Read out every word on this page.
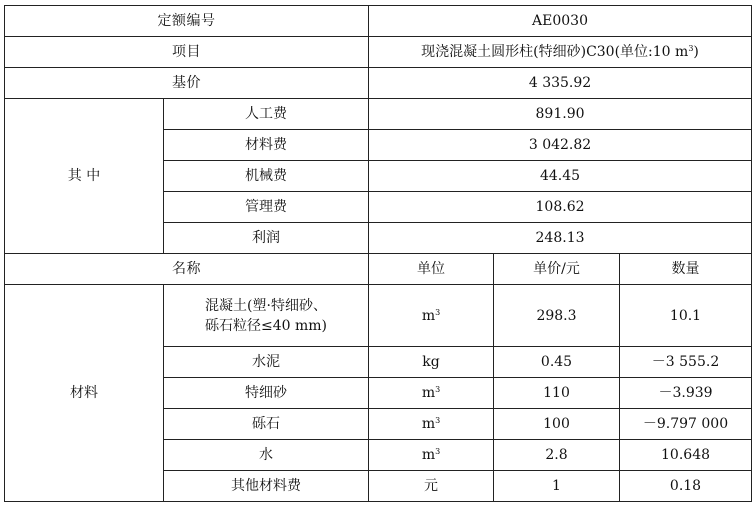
定额编号		AE0030		
项目		现浇混凝土圆形柱(特细砂)C30(单位:10 $m^3$)		
基价		4 335.92		
其 中	人工费	891.90		
	材料费	3 042.82		
	机械费	44.45		
	管理费	108.62		
	利润	248.13		
名称		单位	单价/元	数量
材料	混凝土(塑·特细砂、
砾石粒径≤40 mm)	$m^3$	298.3	10.1
	水泥	kg	0.45	－3 555.2
	特细砂	$m^3$	110	－3.939
	砾石	$m^3$	100	－9.797 000
	水	$m^3$	2.8	10.648
	其他材料费	元	1	0.18
